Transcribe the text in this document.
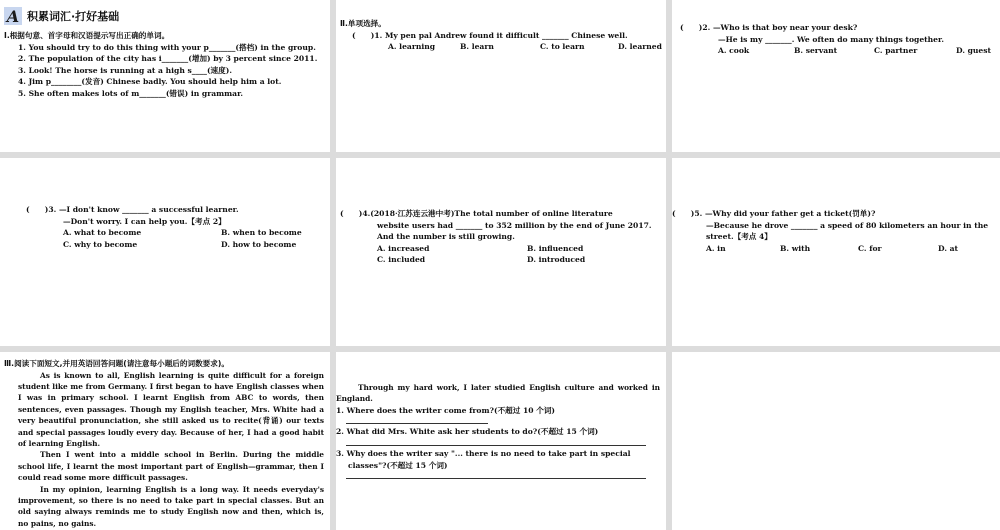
A 积累词汇·打好基础
Ⅰ.根据句意、首字母和汉语提示写出正确的单词。
1. You should try to do this thing with your p_______(搭档) in the group.
2. The population of the city has i_______(增加) by 3 percent since 2011.
3. Look! The horse is running at a high s____(速度).
4. Jim p________(发音) Chinese badly. You should help him a lot.
5. She often makes lots of m_______(错误) in grammar.
Ⅱ.单项选择。
(　　)1. My pen pal Andrew found it difficult _______ Chinese well.
A. learning	B. learn	C. to learn	D. learned
(　　)2. —Who is that boy near your desk?
—He is my _______. We often do many things together.
A. cook	B. servant	C. partner	D. guest
(　　)3. —I don't know _______ a successful learner.
—Don't worry. I can help you.【考点 2】
A. what to become	B. when to become
C. why to become	D. how to become
(　　)4.(2018·江苏连云港中考)The total number of online literature
website users had _______ to 352 million by the end of June 2017.
And the number is still growing.
A. increased	B. influenced
C. included	D. introduced
(　　)5. —Why did your father get a ticket(罚单)?
—Because he drove _______ a speed of 80 kilometers an hour in the
street.【考点 4】
A. in	B. with	C. for	D. at
Ⅲ.阅读下面短文,并用英语回答问题(请注意每小题后的词数要求)。
As is known to all, English learning is quite difficult for a foreign student like me from Germany. I first began to have English classes when I was in primary school. I learnt English from ABC to words, then sentences, even passages. Though my English teacher, Mrs. White had a very beautiful pronunciation, she still asked us to recite(背诵) our texts and special passages loudly every day. Because of her, I had a good habit of learning English.
Then I went into a middle school in Berlin. During the middle school life, I learnt the most important part of English—grammar, then I could read some more difficult passages.
In my opinion, learning English is a long way. It needs everyday's improvement, so there is no need to take part in special classes. But an old saying always reminds me to study English now and then, which is, no pains, no gains.
Through my hard work, I later studied English culture and worked in England.
1. Where does the writer come from?(不超过 10 个词)
2. What did Mrs. White ask her students to do?(不超过 15 个词)
3. Why does the writer say "... there is no need to take part in special
classes"?(不超过 15 个词)
